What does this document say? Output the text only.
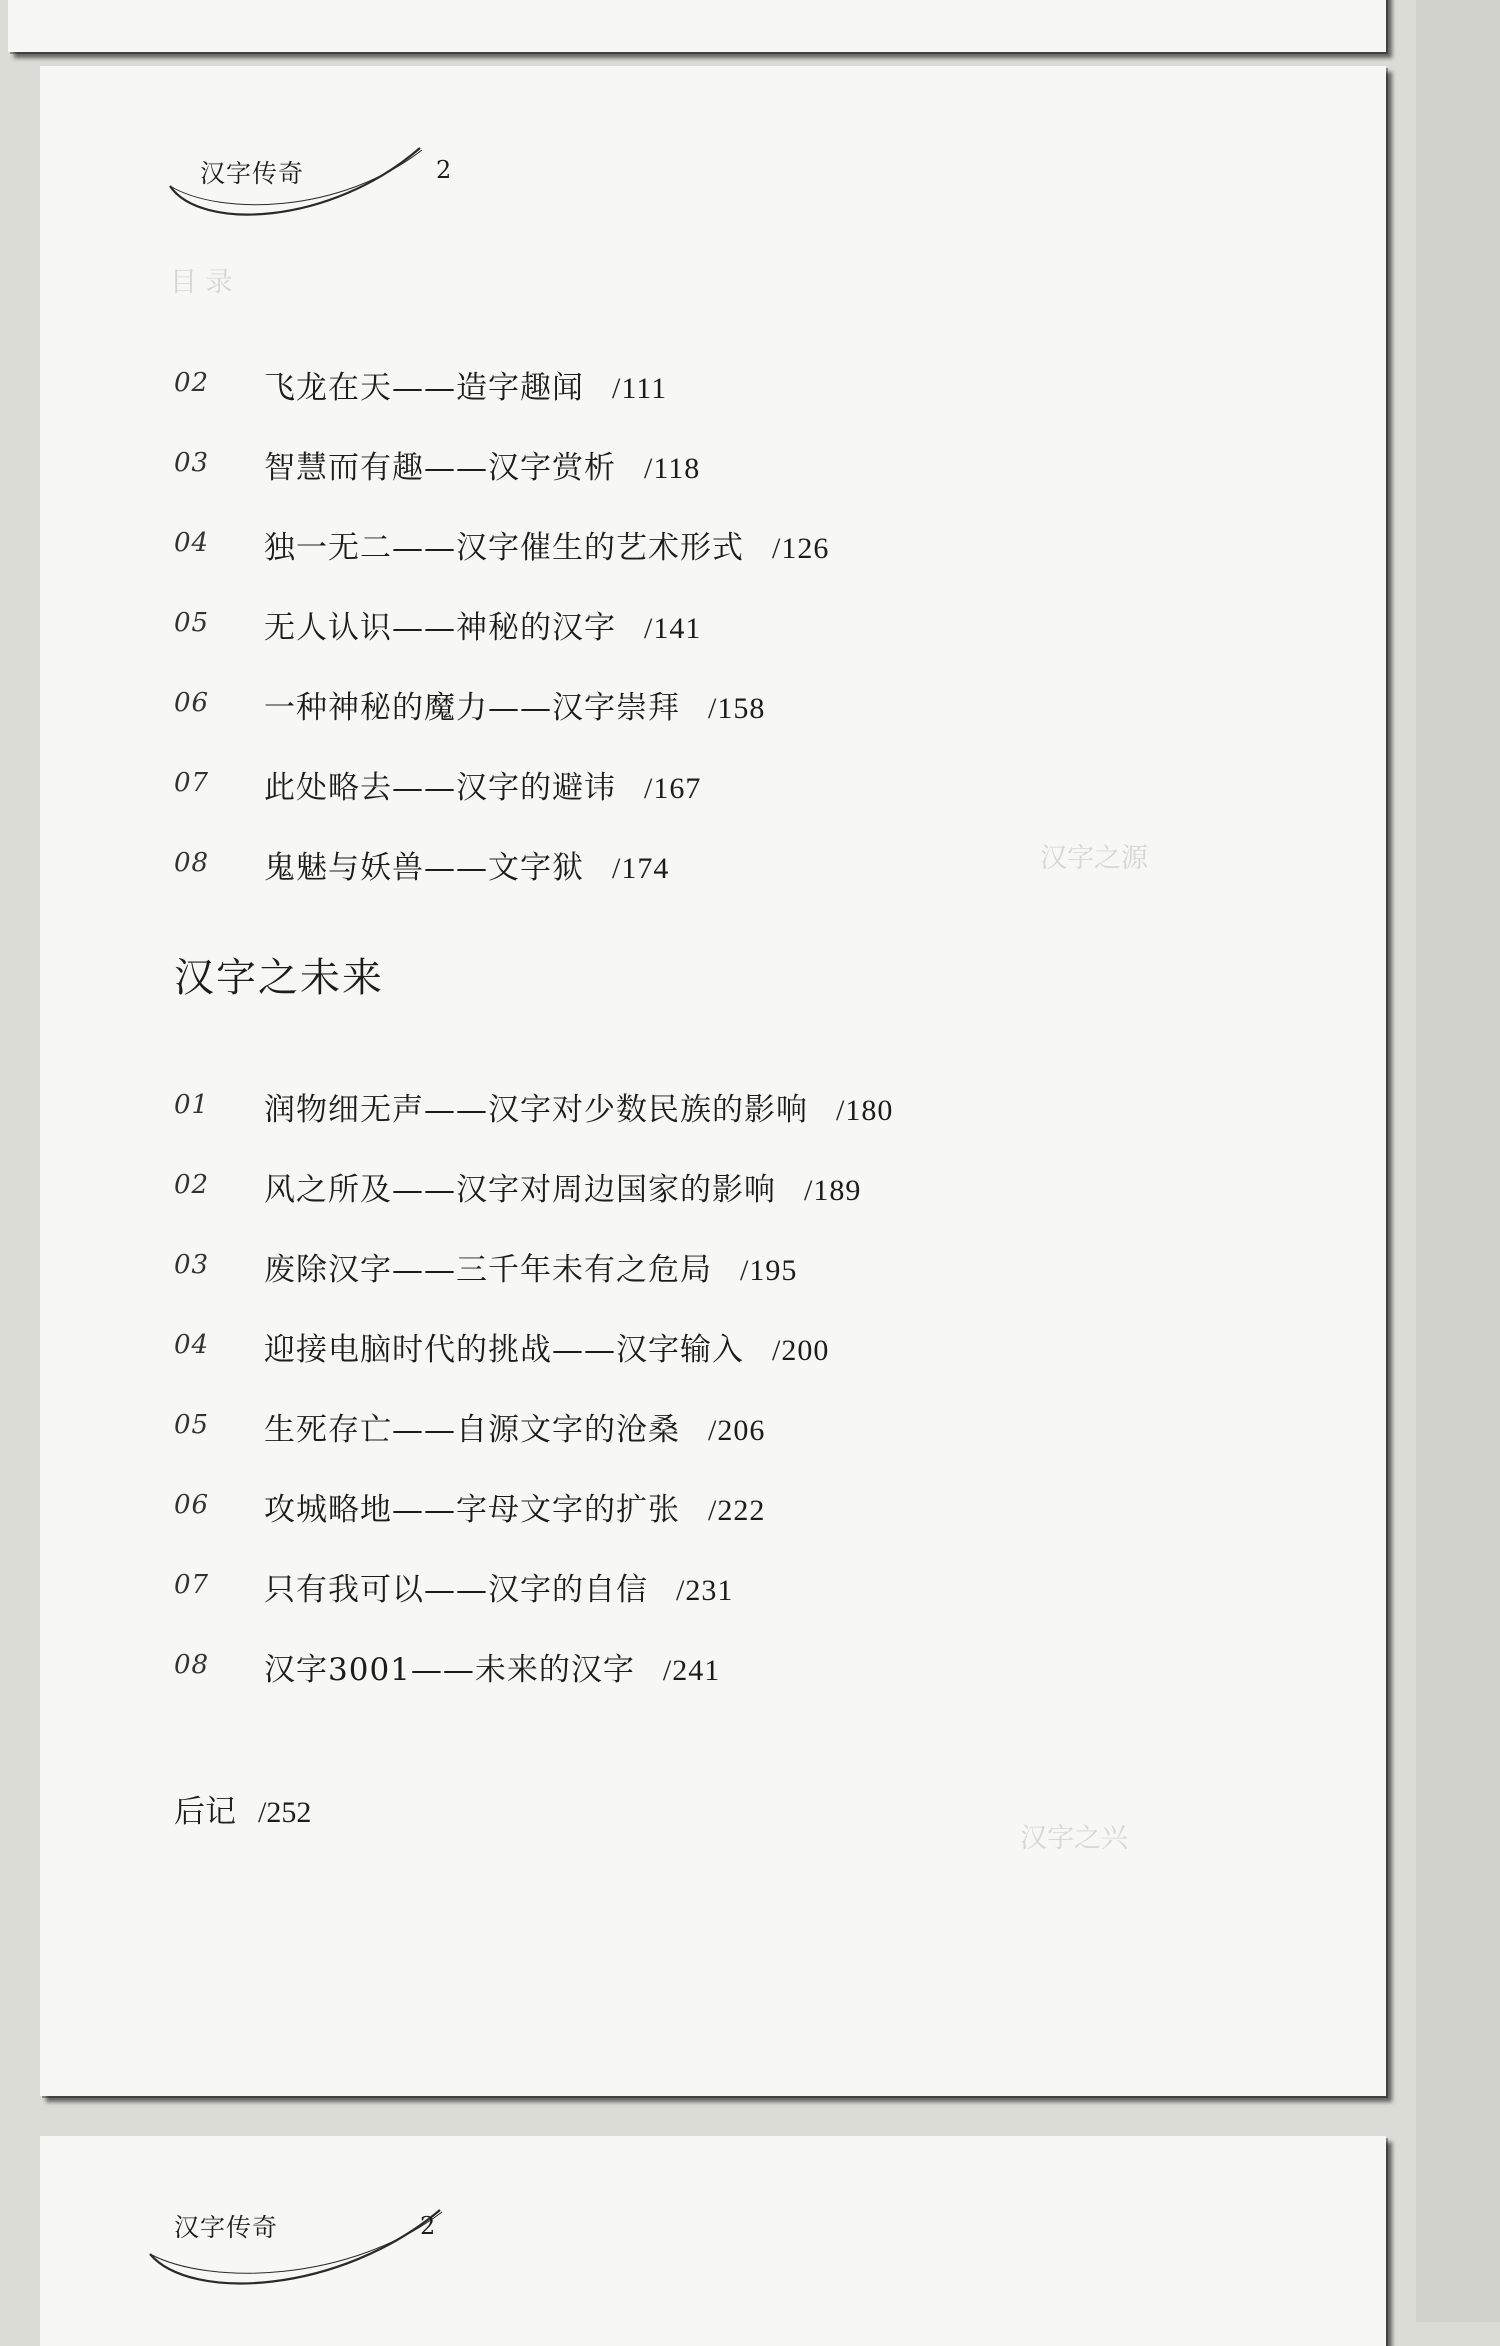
目 录
汉字之源
汉字之兴
汉字传奇	2
02 飞龙在天——造字趣闻 /111
03 智慧而有趣——汉字赏析 /118
04 独一无二——汉字催生的艺术形式 /126
05 无人认识——神秘的汉字 /141
06 一种神秘的魔力——汉字崇拜 /158
07 此处略去——汉字的避讳 /167
08 鬼魅与妖兽——文字狱 /174
汉字之未来
01 润物细无声——汉字对少数民族的影响 /180
02 风之所及——汉字对周边国家的影响 /189
03 废除汉字——三千年未有之危局 /195
04 迎接电脑时代的挑战——汉字输入 /200
05 生死存亡——自源文字的沧桑 /206
06 攻城略地——字母文字的扩张 /222
07 只有我可以——汉字的自信 /231
08 汉字3001——未来的汉字 /241
后记 /252
汉字传奇	2
